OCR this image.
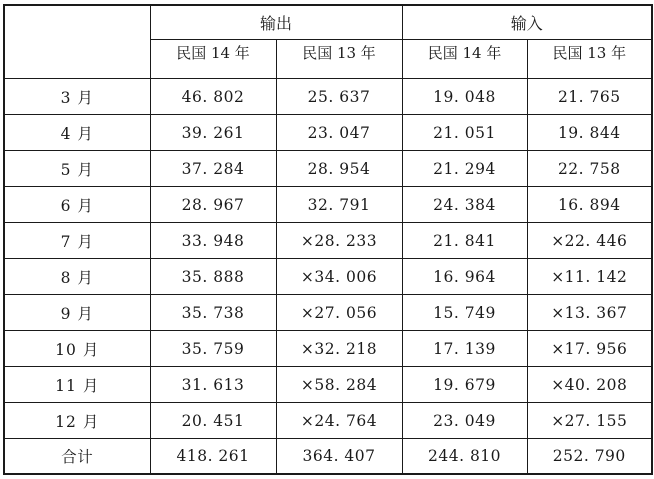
	输出		输入	
	民国 14 年	民国 13 年	民国 14 年	民国 13 年
3 月	46. 802	25. 637	19. 048	21. 765
4 月	39. 261	23. 047	21. 051	19. 844
5 月	37. 284	28. 954	21. 294	22. 758
6 月	28. 967	32. 791	24. 384	16. 894
7 月	33. 948	×28. 233	21. 841	×22. 446
8 月	35. 888	×34. 006	16. 964	×11. 142
9 月	35. 738	×27. 056	15. 749	×13. 367
10 月	35. 759	×32. 218	17. 139	×17. 956
11 月	31. 613	×58. 284	19. 679	×40. 208
12 月	20. 451	×24. 764	23. 049	×27. 155
合计	418. 261	364. 407	244. 810	252. 790
